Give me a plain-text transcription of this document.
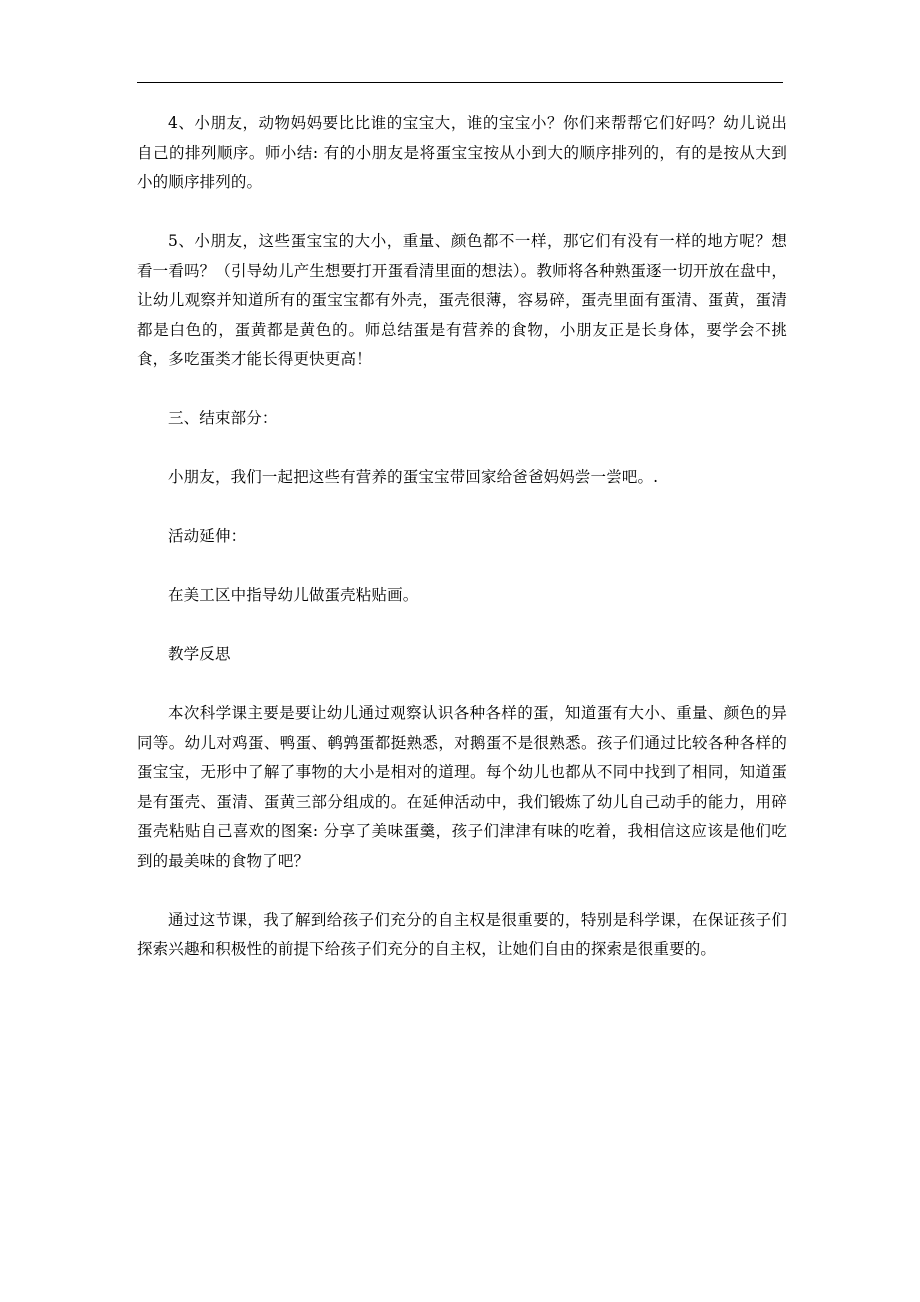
4、小朋友，动物妈妈要比比谁的宝宝大，谁的宝宝小？你们来帮帮它们好吗？幼儿说出自己的排列顺序。师小结: 有的小朋友是将蛋宝宝按从小到大的顺序排列的，有的是按从大到小的顺序排列的。

5、小朋友，这些蛋宝宝的大小，重量、颜色都不一样，那它们有没有一样的地方呢？想看一看吗？（引导幼儿产生想要打开蛋看清里面的想法）。教师将各种熟蛋逐一切开放在盘中，让幼儿观察并知道所有的蛋宝宝都有外壳，蛋壳很薄，容易碎，蛋壳里面有蛋清、蛋黄，蛋清都是白色的，蛋黄都是黄色的。师总结蛋是有营养的食物，小朋友正是长身体，要学会不挑食，多吃蛋类才能长得更快更高！

三、结束部分：

小朋友，我们一起把这些有营养的蛋宝宝带回家给爸爸妈妈尝一尝吧。.

活动延伸：

在美工区中指导幼儿做蛋壳粘贴画。

教学反思

本次科学课主要是要让幼儿通过观察认识各种各样的蛋，知道蛋有大小、重量、颜色的异同等。幼儿对鸡蛋、鸭蛋、鹌鹑蛋都挺熟悉，对鹅蛋不是很熟悉。孩子们通过比较各种各样的蛋宝宝，无形中了解了事物的大小是相对的道理。每个幼儿也都从不同中找到了相同，知道蛋是有蛋壳、蛋清、蛋黄三部分组成的。在延伸活动中，我们锻炼了幼儿自己动手的能力，用碎蛋壳粘贴自己喜欢的图案: 分享了美味蛋羹，孩子们津津有味的吃着，我相信这应该是他们吃到的最美味的食物了吧？

通过这节课，我了解到给孩子们充分的自主权是很重要的，特别是科学课，在保证孩子们探索兴趣和积极性的前提下给孩子们充分的自主权，让她们自由的探索是很重要的。
